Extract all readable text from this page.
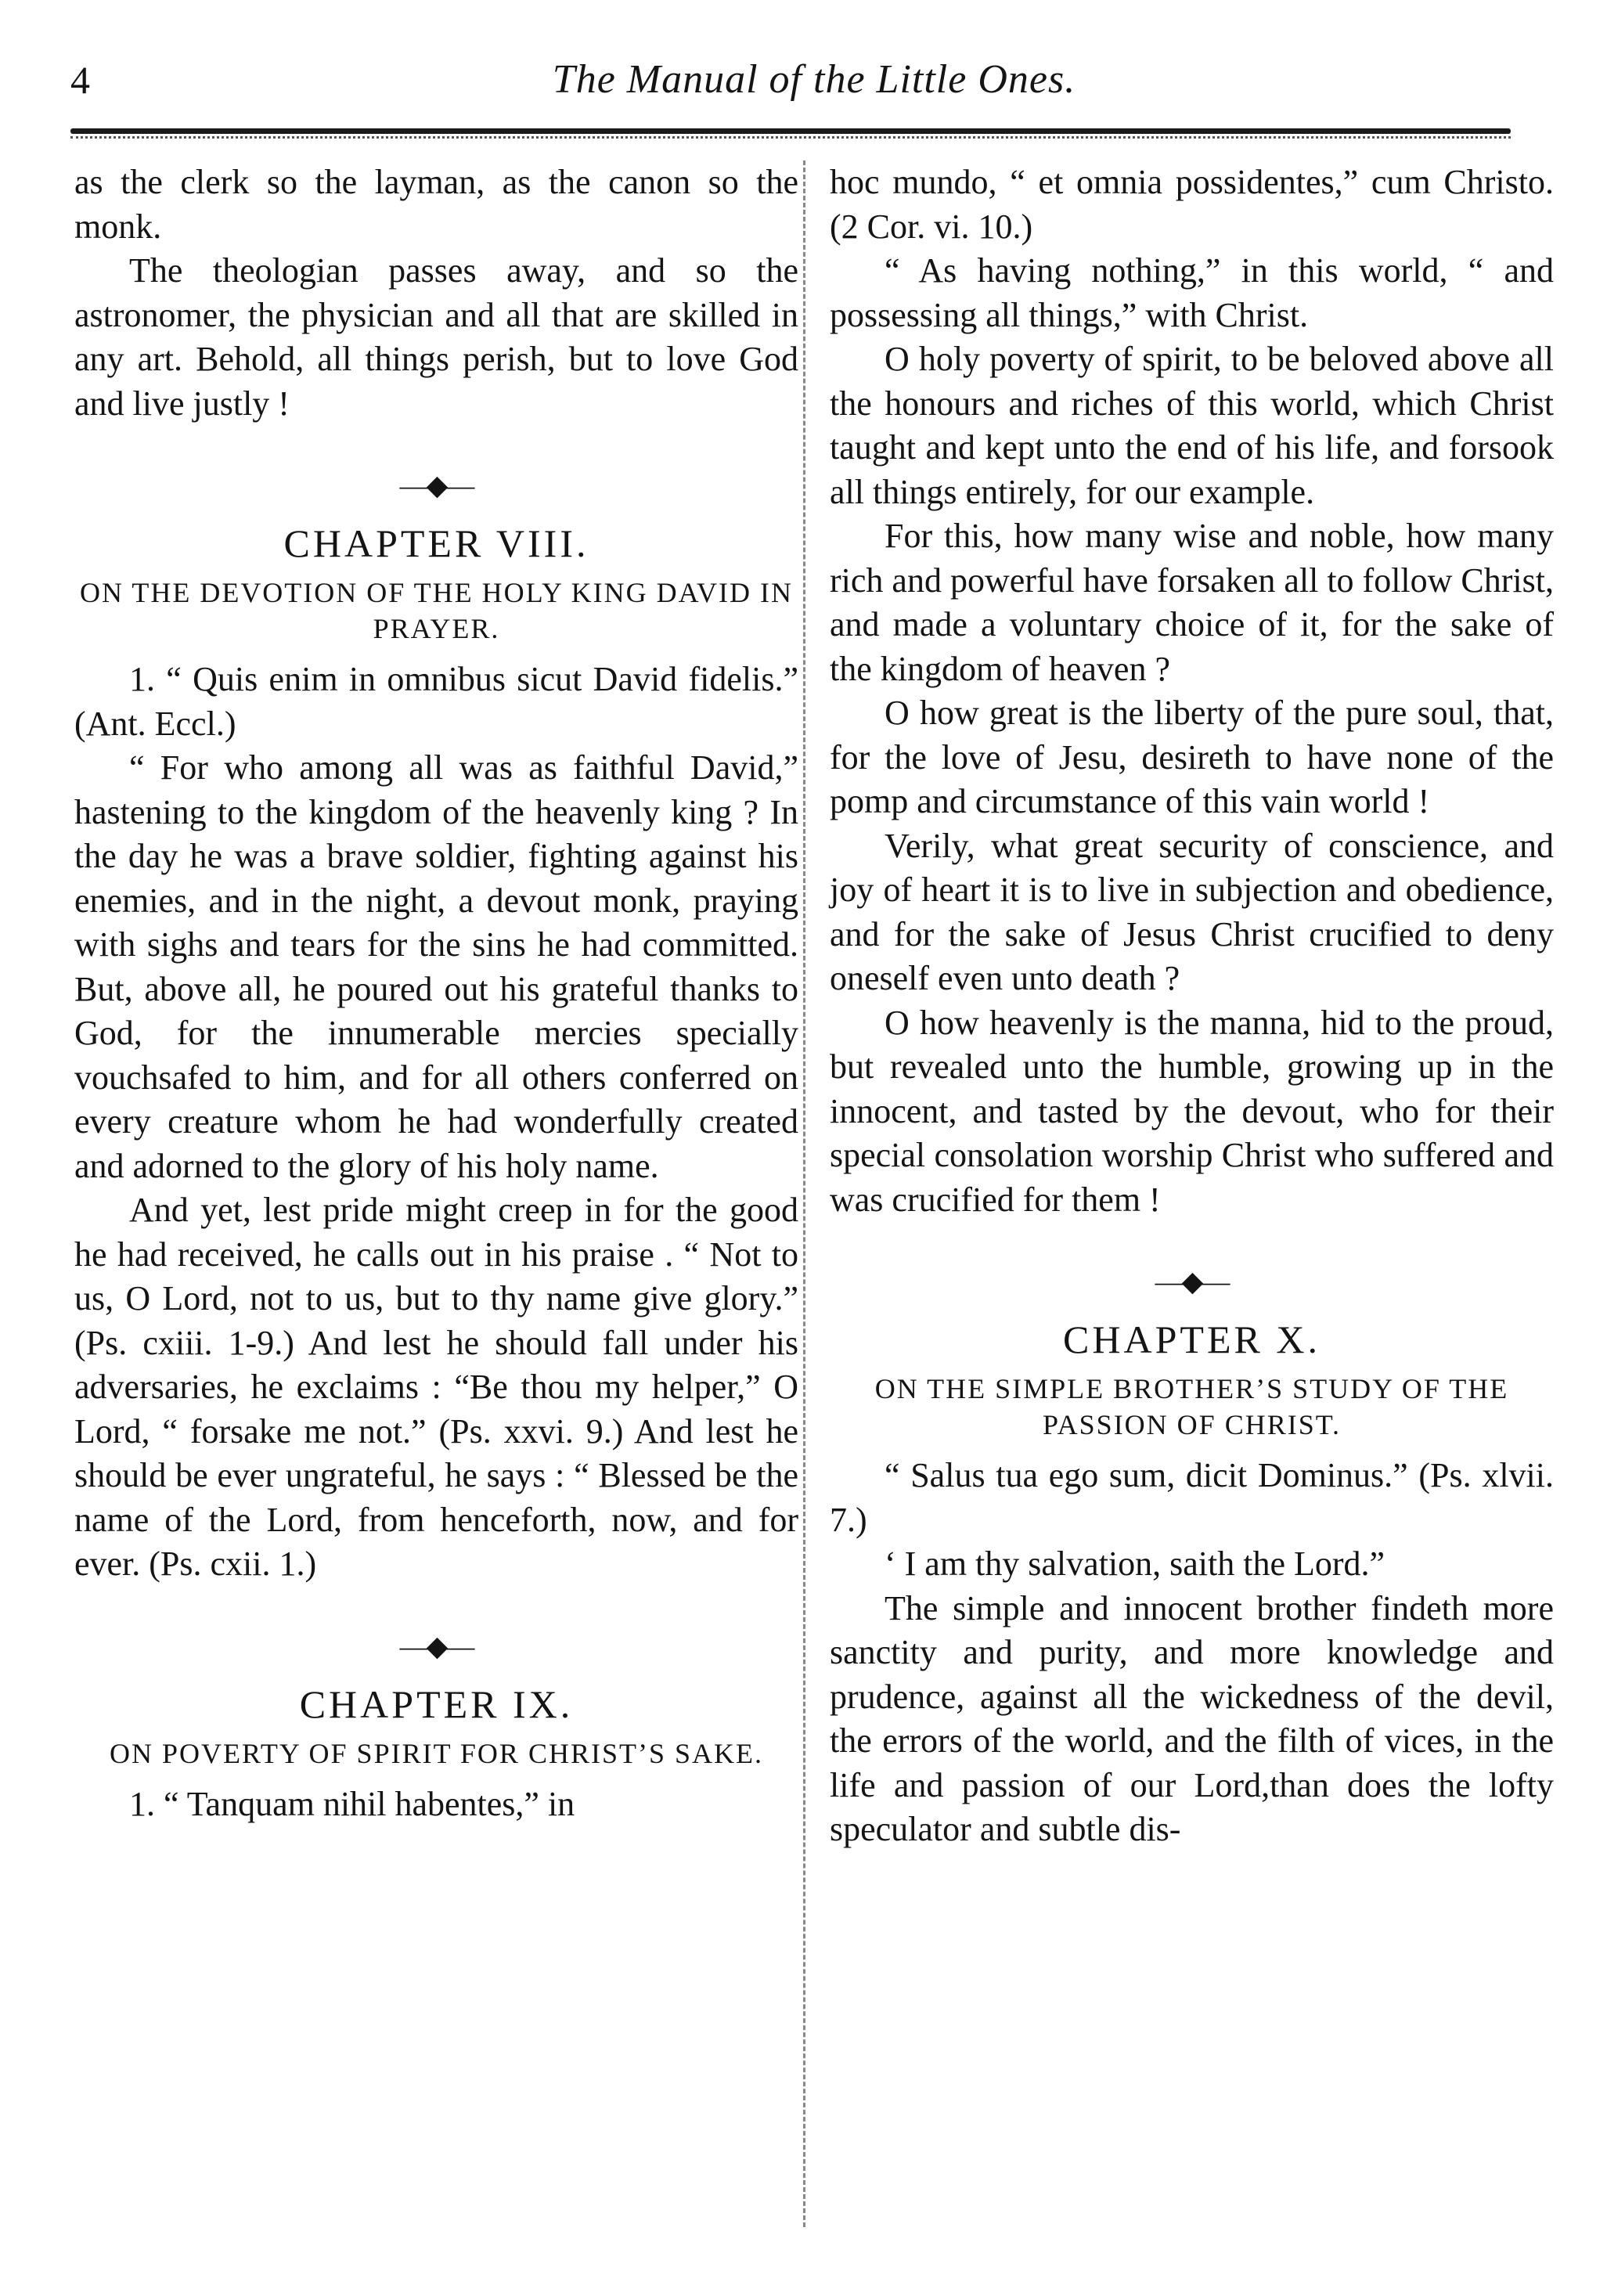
4	The Manual of the Little Ones.

as the clerk so the layman, as the canon so the monk.

The theologian passes away, and so the astronomer, the physician and all that are skilled in any art. Behold, all things perish, but to love God and live justly !

—◆—
CHAPTER VIII.
ON THE DEVOTION OF THE HOLY KING DAVID IN PRAYER.

1. “ Quis enim in omnibus sicut David fidelis.” (Ant. Eccl.)

“ For who among all was as faithful David,” hastening to the kingdom of the heavenly king ? In the day he was a brave soldier, fighting against his enemies, and in the night, a devout monk, praying with sighs and tears for the sins he had committed. But, above all, he poured out his grateful thanks to God, for the innumerable mercies specially vouchsafed to him, and for all others conferred on every creature whom he had wonderfully created and adorned to the glory of his holy name.

And yet, lest pride might creep in for the good he had received, he calls out in his praise . “ Not to us, O Lord, not to us, but to thy name give glory.” (Ps. cxiii. 1-9.) And lest he should fall under his adversaries, he exclaims : “Be thou my helper,” O Lord, “ forsake me not.” (Ps. xxvi. 9.) And lest he should be ever ungrateful, he says : “ Blessed be the name of the Lord, from henceforth, now, and for ever. (Ps. cxii. 1.)

—◆—
CHAPTER IX.
ON POVERTY OF SPIRIT FOR CHRIST’S SAKE.

1. “ Tanquam nihil habentes,” in

hoc mundo, “ et omnia possidentes,” cum Christo. (2 Cor. vi. 10.)

“ As having nothing,” in this world, “ and possessing all things,” with Christ.

O holy poverty of spirit, to be beloved above all the honours and riches of this world, which Christ taught and kept unto the end of his life, and forsook all things entirely, for our example.

For this, how many wise and noble, how many rich and powerful have forsaken all to follow Christ, and made a voluntary choice of it, for the sake of the kingdom of heaven ?

O how great is the liberty of the pure soul, that, for the love of Jesu, desireth to have none of the pomp and circumstance of this vain world !

Verily, what great security of conscience, and joy of heart it is to live in subjection and obedience, and for the sake of Jesus Christ crucified to deny oneself even unto death ?

O how heavenly is the manna, hid to the proud, but revealed unto the humble, growing up in the innocent, and tasted by the devout, who for their special consolation worship Christ who suffered and was crucified for them !

—◆—
CHAPTER X.
ON THE SIMPLE BROTHER’S STUDY OF THE PASSION OF CHRIST.

“ Salus tua ego sum, dicit Dominus.” (Ps. xlvii. 7.)

‘ I am thy salvation, saith the Lord.”

The simple and innocent brother findeth more sanctity and purity, and more knowledge and prudence, against all the wickedness of the devil, the errors of the world, and the filth of vices, in the life and passion of our Lord,than does the lofty speculator and subtle dis-
